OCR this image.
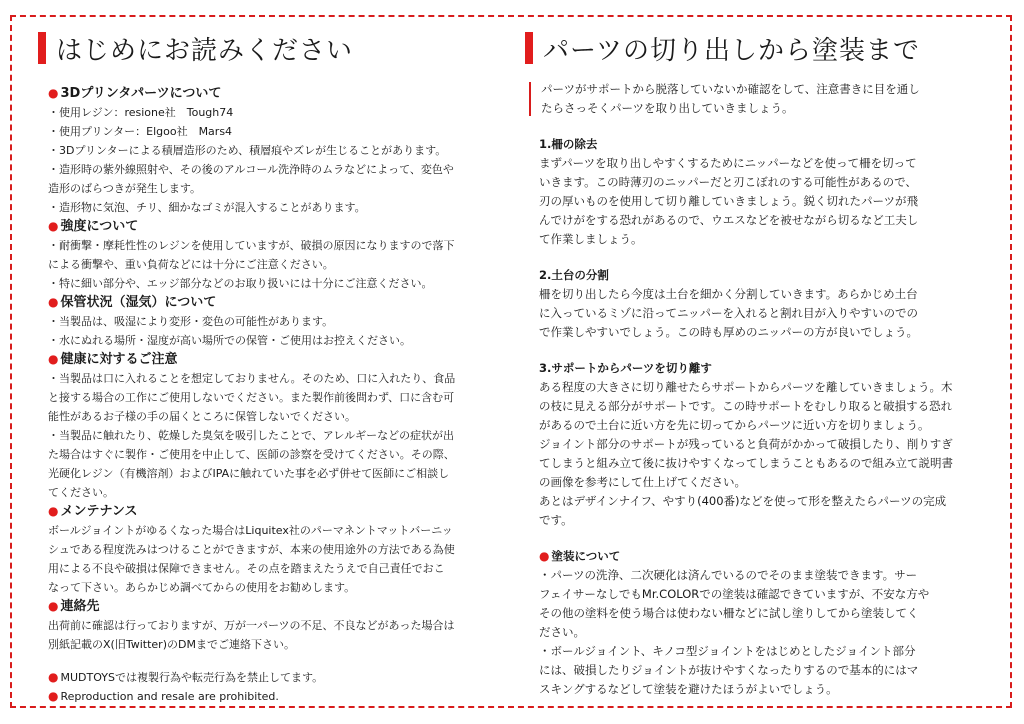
はじめにお読みください
● 3Dプリンタパーツについて
・使用レジン：resione社　Tough74
・使用プリンター：Elgoo社　Mars4
・3Dプリンターによる積層造形のため、積層痕やズレが生じることがあります。
・造形時の紫外線照射や、その後のアルコール洗浄時のムラなどによって、変色や
造形のばらつきが発生します。
・造形物に気泡、チリ、細かなゴミが混入することがあります。
● 強度について
・耐衝撃・摩耗性性のレジンを使用していますが、破損の原因になりますので落下
による衝撃や、重い負荷などには十分にご注意ください。
・特に細い部分や、エッジ部分などのお取り扱いには十分にご注意ください。
● 保管状況（湿気）について
・当製品は、吸湿により変形・変色の可能性があります。
・水にぬれる場所・湿度が高い場所での保管・ご使用はお控えください。
● 健康に対するご注意
・当製品は口に入れることを想定しておりません。そのため、口に入れたり、食品
と接する場合の工作にご使用しないでください。また製作前後問わず、口に含む可
能性があるお子様の手の届くところに保管しないでください。
・当製品に触れたり、乾燥した臭気を吸引したことで、アレルギーなどの症状が出
た場合はすぐに製作・ご使用を中止して、医師の診察を受けてください。その際、
光硬化レジン（有機溶剤）およびIPAに触れていた事を必ず併せて医師にご相談し
てください。
● メンテナンス
ボールジョイントがゆるくなった場合はLiquitex社のパーマネントマットバーニッ
シュである程度洗みはつけることができますが、本来の使用途外の方法である為使
用による不良や破損は保障できません。その点を踏まえたうえで自己責任でおこ
なって下さい。あらかじめ調べてからの使用をお勧めします。
● 連絡先
出荷前に確認は行っておりますが、万が一パーツの不足、不良などがあった場合は
別紙記載のX(旧Twitter)のDMまでご連絡下さい。
● MUDTOYSでは複製行為や転売行為を禁止してます。
● Reproduction and resale are prohibited.
パーツの切り出しから塗装まで
パーツがサポートから脱落していないか確認をして、注意書きに目を通し
たらさっそくパーツを取り出していきましょう。
1.柵の除去
まずパーツを取り出しやすくするためにニッパーなどを使って柵を切って
いきます。この時薄刃のニッパーだと刃こぼれのする可能性があるので、
刃の厚いものを使用して切り離していきましょう。鋭く切れたパーツが飛
んでけがをする恐れがあるので、ウエスなどを被せながら切るなど工夫し
て作業しましょう。
2.土台の分割
柵を切り出したら今度は土台を細かく分割していきます。あらかじめ土台
に入っているミゾに沿ってニッパーを入れると割れ目が入りやすいのでの
で作業しやすいでしょう。この時も厚めのニッパーの方が良いでしょう。
3.サポートからパーツを切り離す
ある程度の大きさに切り離せたらサポートからパーツを離していきましょう。木
の枝に見える部分がサポートです。この時サポートをむしり取ると破損する恐れ
があるので土台に近い方を先に切ってからパーツに近い方を切りましょう。
ジョイント部分のサポートが残っていると負荷がかかって破損したり、削りすぎ
てしまうと組み立て後に抜けやすくなってしまうこともあるので組み立て説明書
の画像を参考にして仕上げてください。
あとはデザインナイフ、やすり(400番)などを使って形を整えたらパーツの完成
です。
● 塗装について
・パーツの洗浄、二次硬化は済んでいるのでそのまま塗装できます。サー
フェイサーなしでもMr.COLORでの塗装は確認できていますが、不安な方や
その他の塗料を使う場合は使わない柵などに試し塗りしてから塗装してく
ださい。
・ボールジョイント、キノコ型ジョイントをはじめとしたジョイント部分
には、破損したりジョイントが抜けやすくなったりするので基本的にはマ
スキングするなどして塗装を避けたほうがよいでしょう。
